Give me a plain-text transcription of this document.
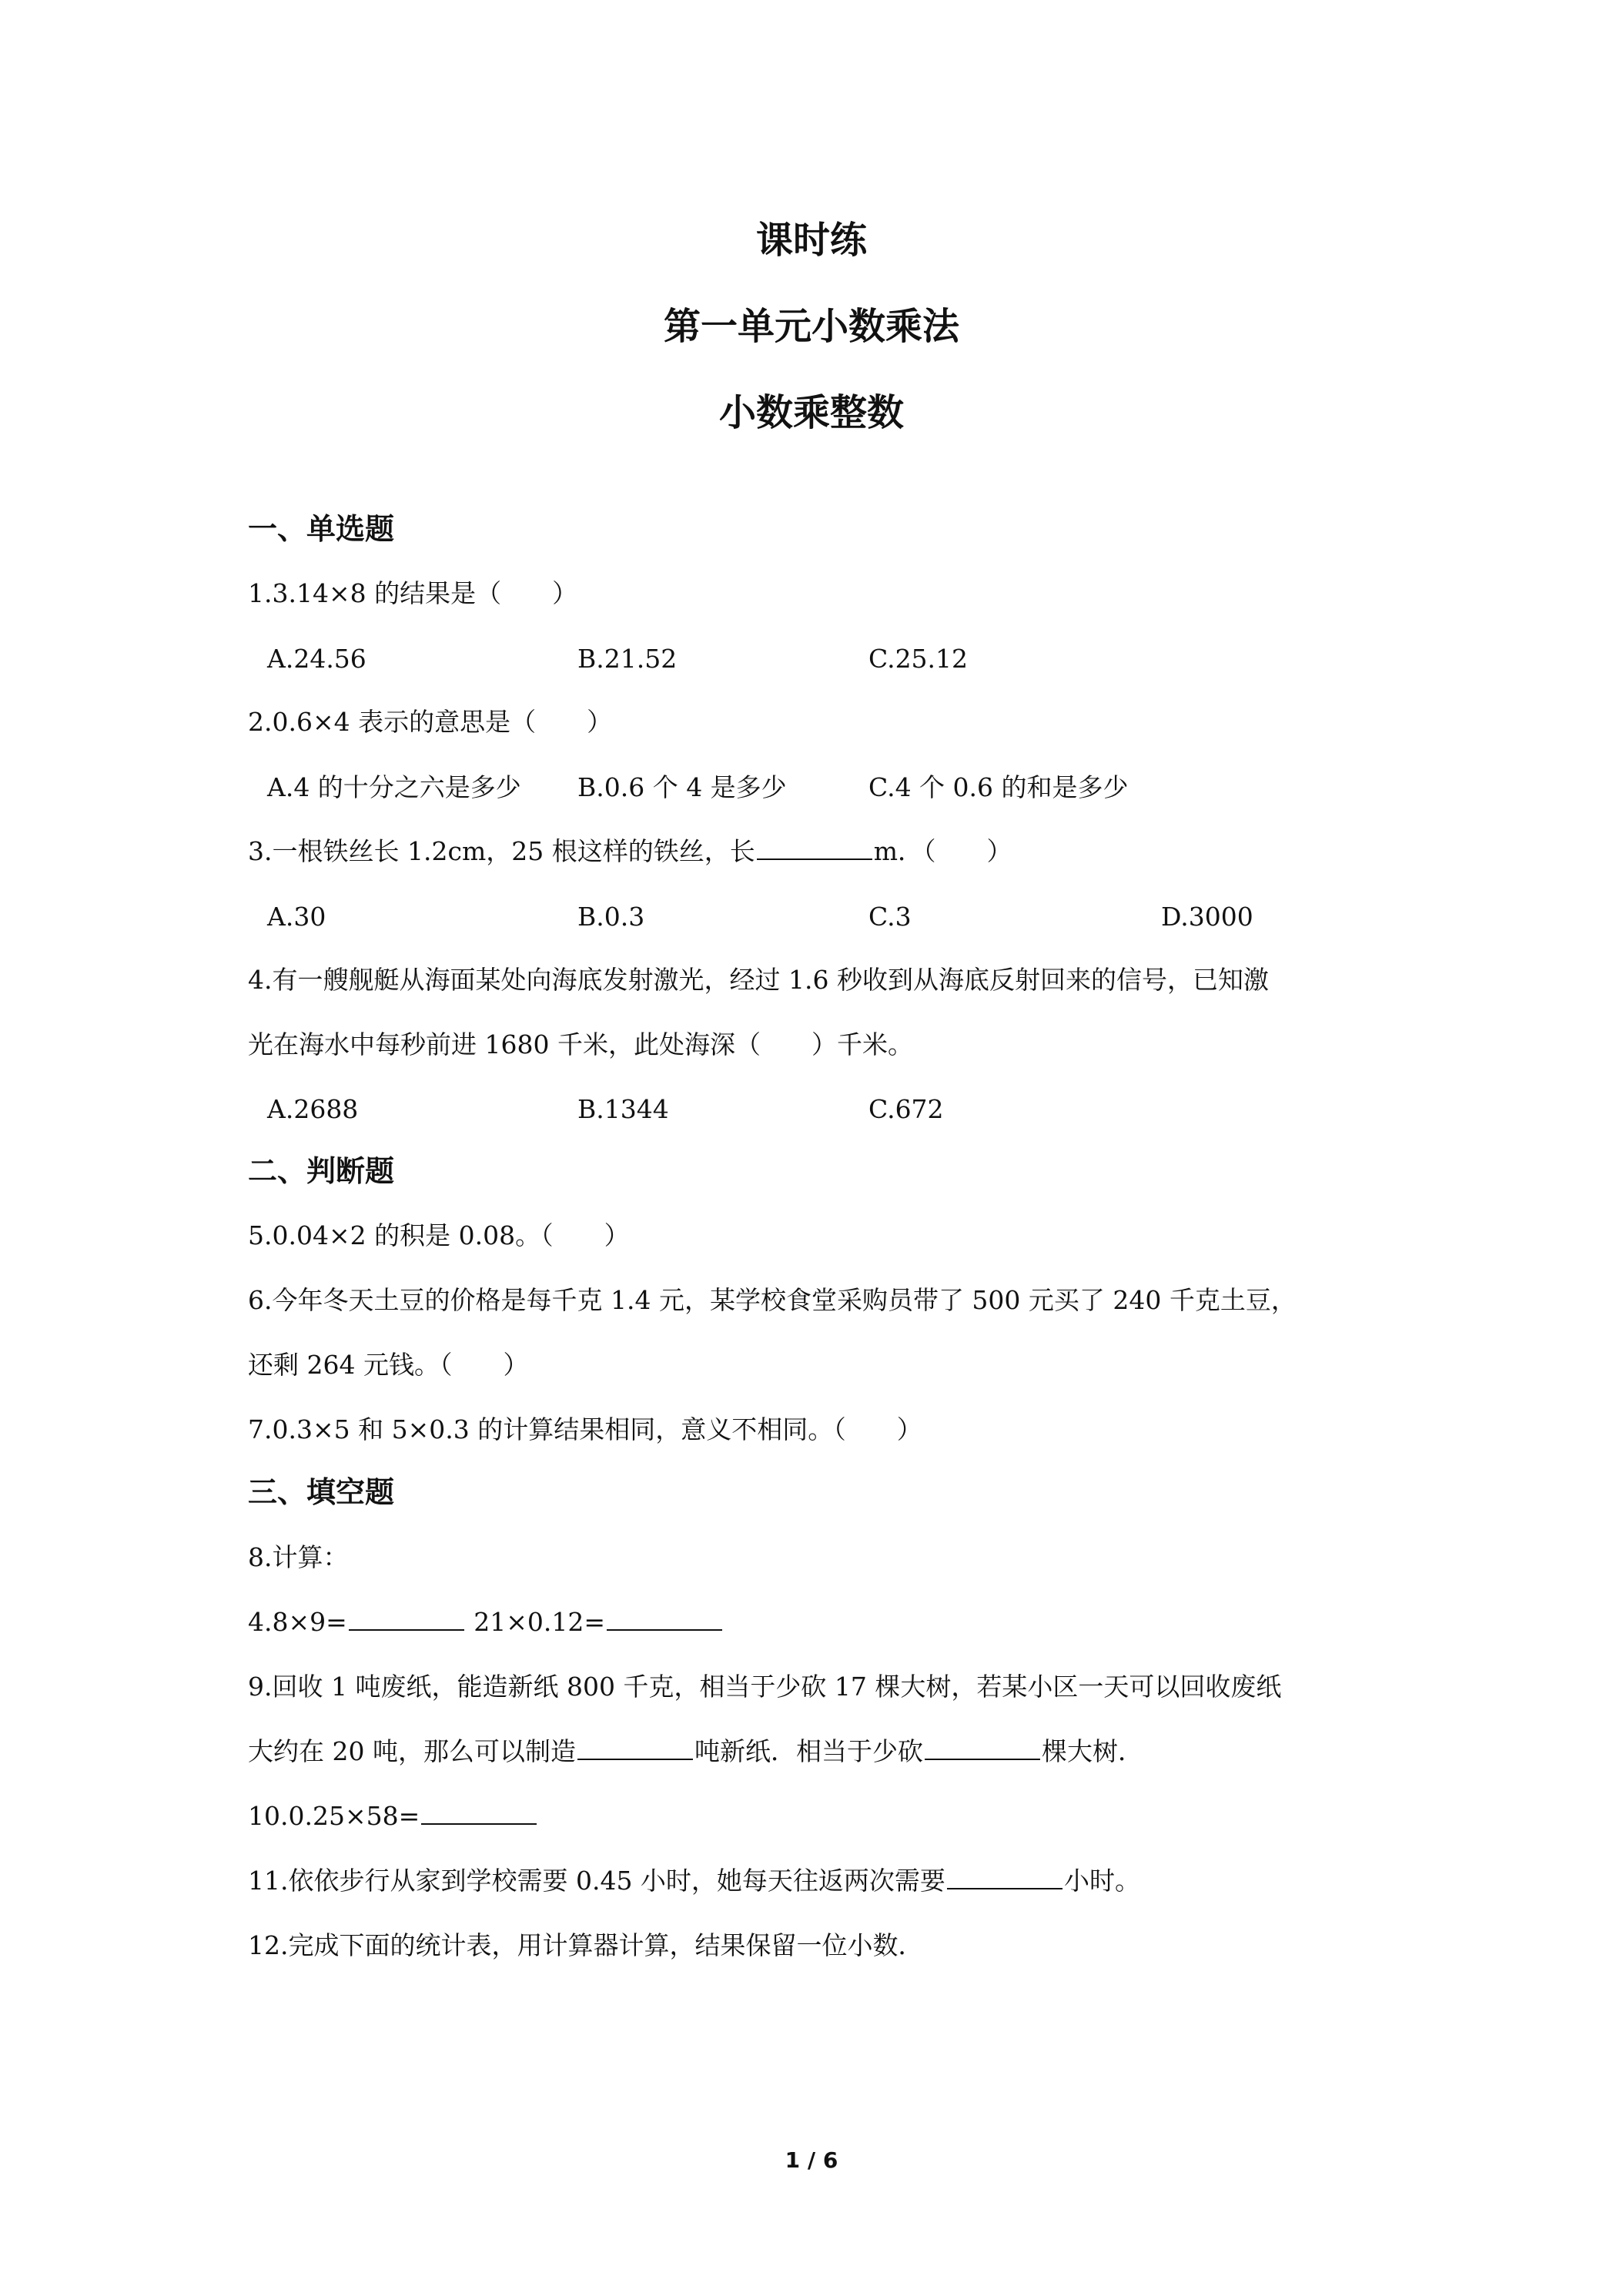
课时练
第一单元小数乘法
小数乘整数
一、单选题
1.3.14×8 的结果是（　　）
A.24.56	B.21.52	C.25.12
2.0.6×4 表示的意思是（　　）
A.4 的十分之六是多少 B.0.6 个 4 是多少	C.4 个 0.6 的和是多少
3.一根铁丝长 1.2cm，25 根这样的铁丝，长	m．（　　）
A.30	B.0.3	C.3	D.3000
4.有一艘舰艇从海面某处向海底发射激光，经过 1.6 秒收到从海底反射回来的信号，已知激
光在海水中每秒前进 1680 千米，此处海深（　　）千米。
A.2688	B.1344	C.672
二、判断题
5.0.04×2 的积是 0.08。（　　）
6.今年冬天土豆的价格是每千克 1.4 元，某学校食堂采购员带了 500 元买了 240 千克土豆，
还剩 264 元钱。（　　）
7.0.3×5 和 5×0.3 的计算结果相同，意义不相同。（　　）
三、填空题
8.计算：
4.8×9=	21×0.12=
9.回收 1 吨废纸，能造新纸 800 千克，相当于少砍 17 棵大树，若某小区一天可以回收废纸
大约在 20 吨，那么可以制造	吨新纸．相当于少砍	棵大树．
10.0.25×58=
11.依依步行从家到学校需要 0.45 小时，她每天往返两次需要	小时。
12.完成下面的统计表，用计算器计算，结果保留一位小数．
1 / 6
